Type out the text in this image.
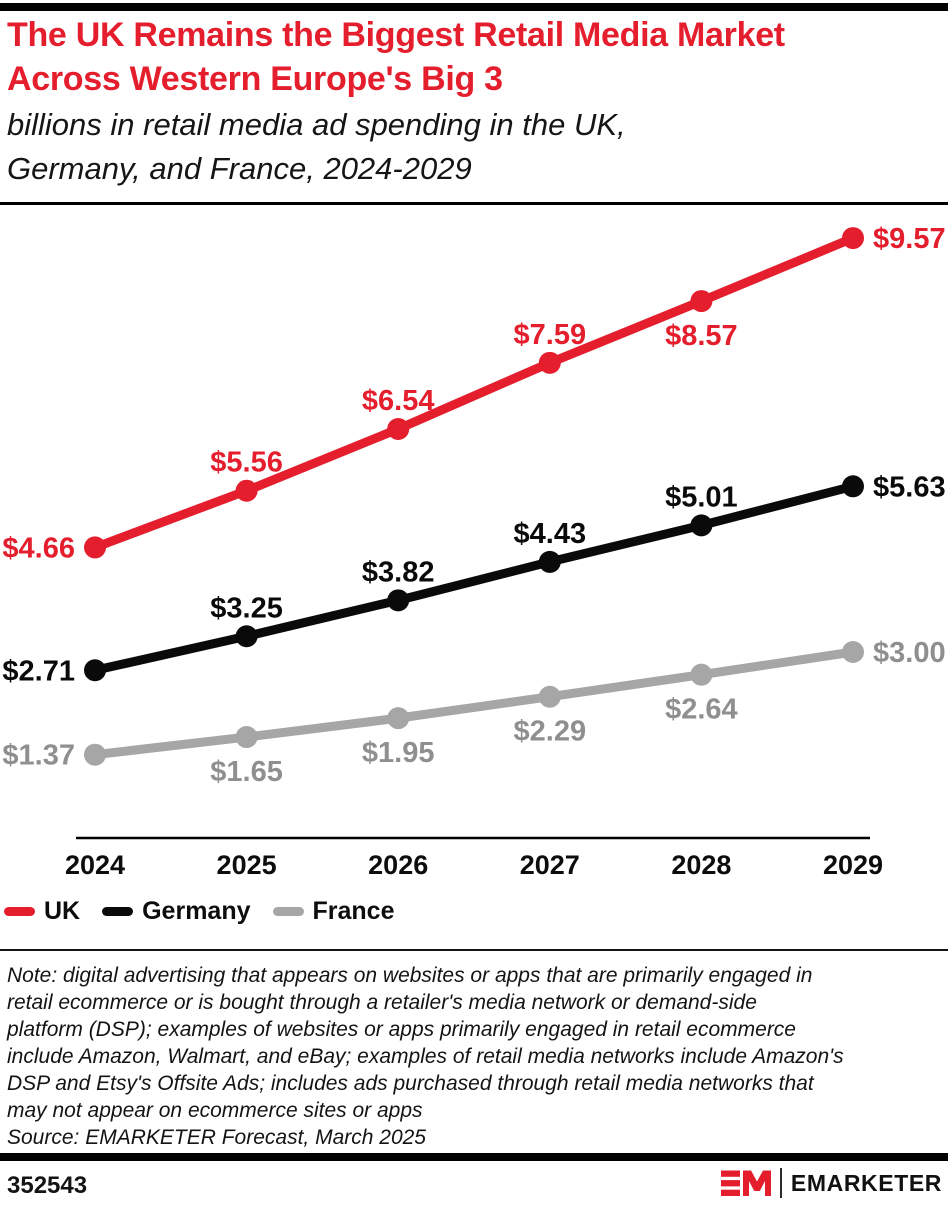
The UK Remains the Biggest Retail Media Market
Across Western Europe's Big 3
billions in retail media ad spending in the UK,
Germany, and France, 2024-2029
2024	2025	2026	2027	2028	2029
$4.66
$5.56
$6.54
$7.59	$8.57
$9.57
$2.71
$3.25
$3.82
$4.43
$5.01	$5.63
$1.37
$1.65
$1.95
$2.29
$2.64
$3.00
UK Germany France
Note: digital advertising that appears on websites or apps that are primarily engaged in
retail ecommerce or is bought through a retailer's media network or demand-side
platform (DSP); examples of websites or apps primarily engaged in retail ecommerce
include Amazon, Walmart, and eBay; examples of retail media networks include Amazon's
DSP and Etsy's Offsite Ads; includes ads purchased through retail media networks that
may not appear on ecommerce sites or apps
Source: EMARKETER Forecast, March 2025
352543	EMARKETER
